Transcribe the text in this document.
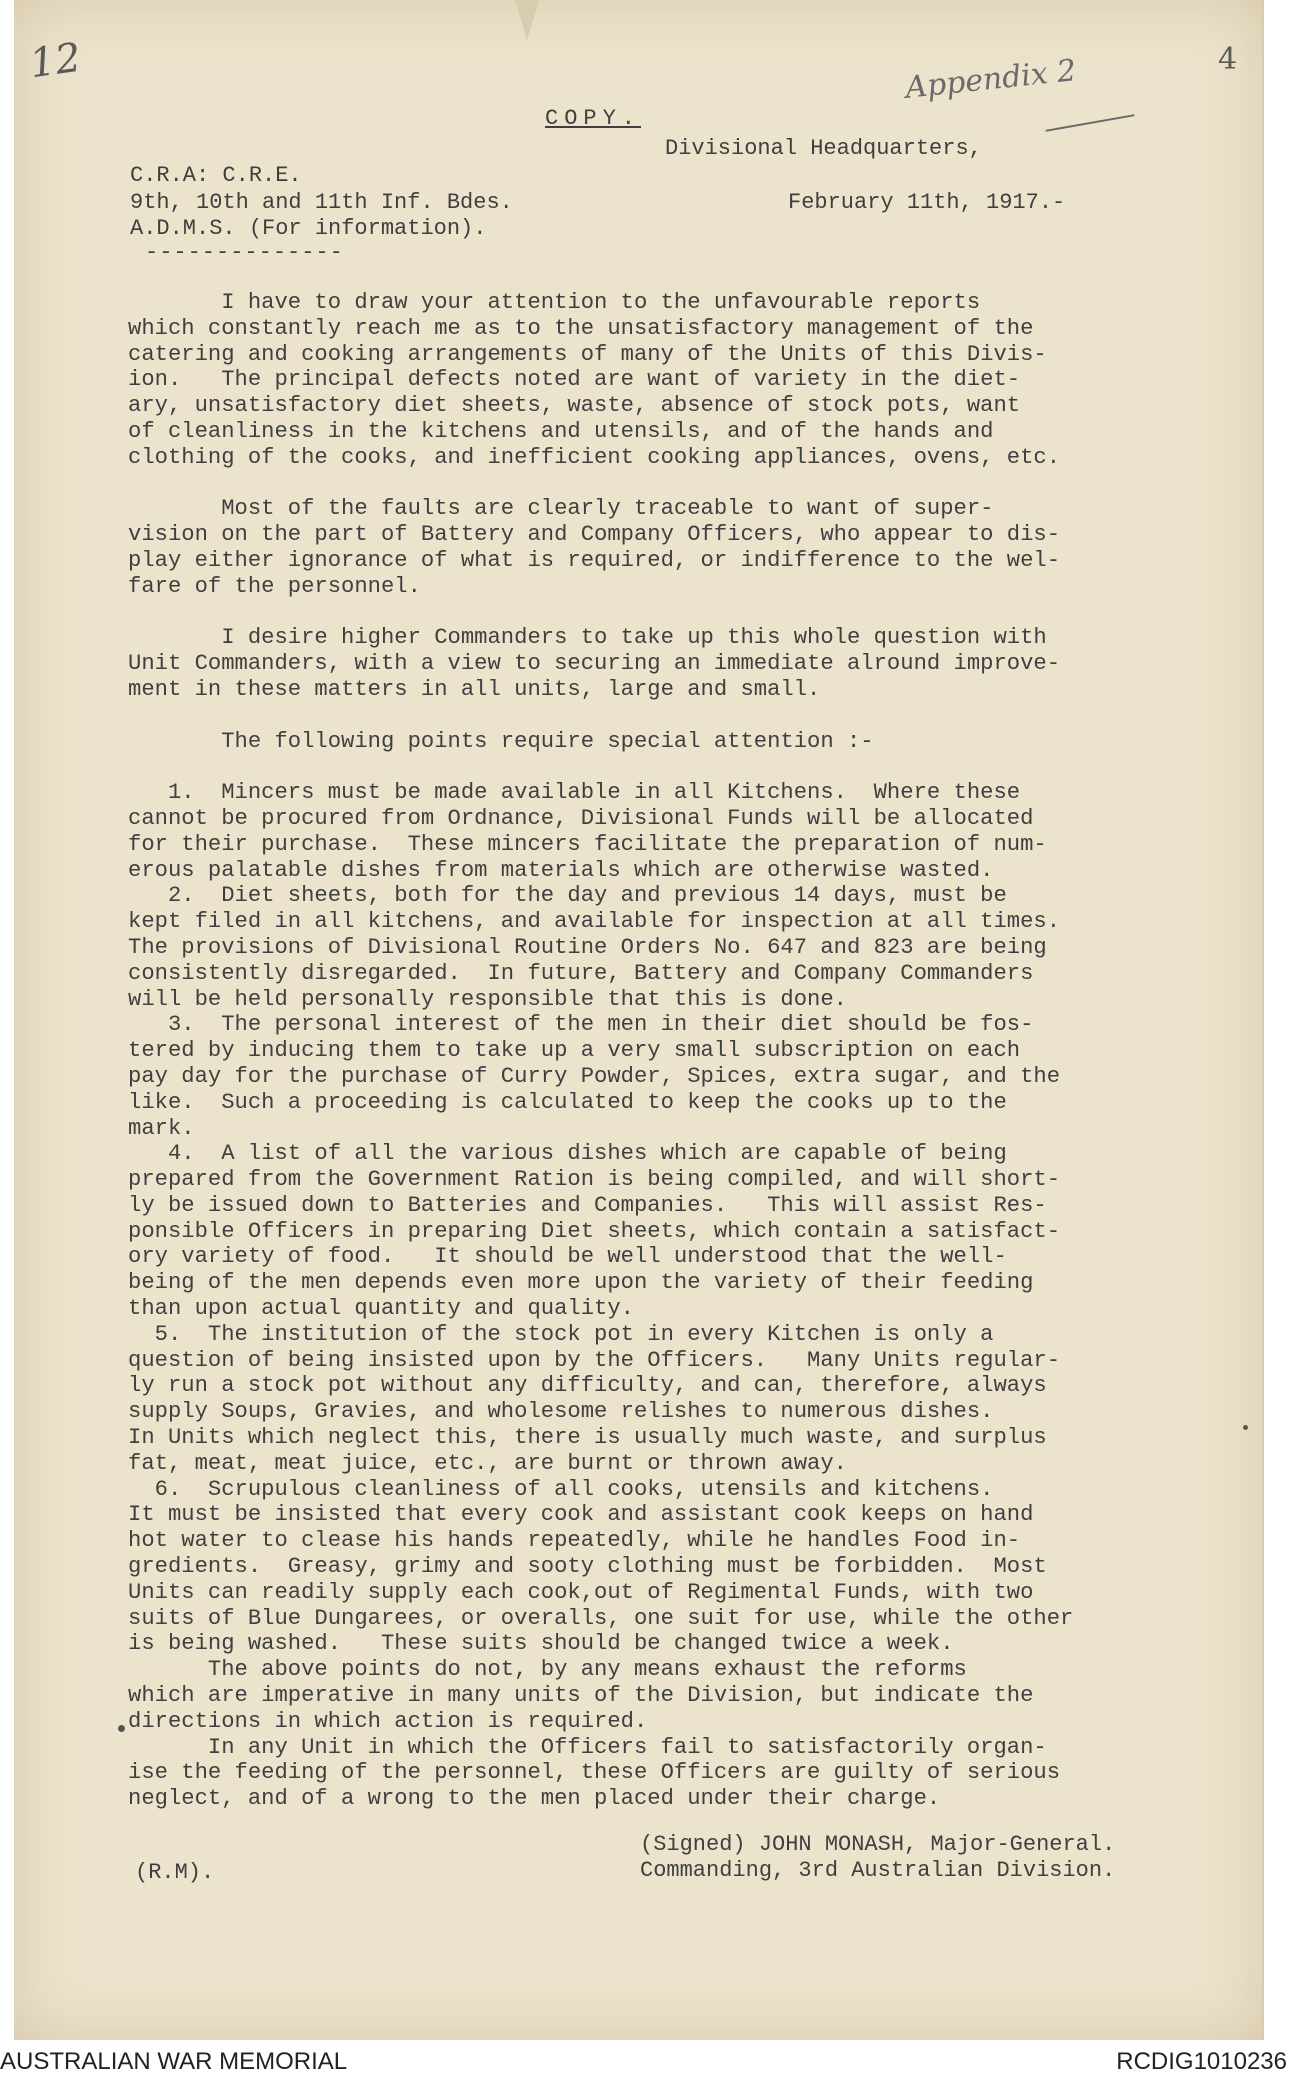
12	4
Appendix 2
COPY.
Divisional Headquarters,
C.R.A: C.R.E.
9th, 10th and 11th Inf. Bdes.	February 11th, 1917.-
A.D.M.S. (For information).
--------------
I have to draw your attention to the unfavourable reports
which constantly reach me as to the unsatisfactory management of the
catering and cooking arrangements of many of the Units of this Divis-
ion.   The principal defects noted are want of variety in the diet-
ary, unsatisfactory diet sheets, waste, absence of stock pots, want
of cleanliness in the kitchens and utensils, and of the hands and
clothing of the cooks, and inefficient cooking appliances, ovens, etc.

Most of the faults are clearly traceable to want of super-
vision on the part of Battery and Company Officers, who appear to dis-
play either ignorance of what is required, or indifference to the wel-
fare of the personnel.

I desire higher Commanders to take up this whole question with
Unit Commanders, with a view to securing an immediate alround improve-
ment in these matters in all units, large and small.

The following points require special attention :-

1.  Mincers must be made available in all Kitchens.  Where these
cannot be procured from Ordnance, Divisional Funds will be allocated
for their purchase.  These mincers facilitate the preparation of num-
erous palatable dishes from materials which are otherwise wasted.
2.  Diet sheets, both for the day and previous 14 days, must be
kept filed in all kitchens, and available for inspection at all times.
The provisions of Divisional Routine Orders No. 647 and 823 are being
consistently disregarded.  In future, Battery and Company Commanders
will be held personally responsible that this is done.
3.  The personal interest of the men in their diet should be fos-
tered by inducing them to take up a very small subscription on each
pay day for the purchase of Curry Powder, Spices, extra sugar, and the
like.  Such a proceeding is calculated to keep the cooks up to the
mark.
4.  A list of all the various dishes which are capable of being
prepared from the Government Ration is being compiled, and will short-
ly be issued down to Batteries and Companies.   This will assist Res-
ponsible Officers in preparing Diet sheets, which contain a satisfact-
ory variety of food.   It should be well understood that the well-
being of the men depends even more upon the variety of their feeding
than upon actual quantity and quality.
5.  The institution of the stock pot in every Kitchen is only a
question of being insisted upon by the Officers.   Many Units regular-
ly run a stock pot without any difficulty, and can, therefore, always
supply Soups, Gravies, and wholesome relishes to numerous dishes.
In Units which neglect this, there is usually much waste, and surplus
fat, meat, meat juice, etc., are burnt or thrown away.
6.  Scrupulous cleanliness of all cooks, utensils and kitchens.
It must be insisted that every cook and assistant cook keeps on hand
hot water to clease his hands repeatedly, while he handles Food in-
gredients.  Greasy, grimy and sooty clothing must be forbidden.  Most
Units can readily supply each cook,out of Regimental Funds, with two
suits of Blue Dungarees, or overalls, one suit for use, while the other
is being washed.   These suits should be changed twice a week.
The above points do not, by any means exhaust the reforms
which are imperative in many units of the Division, but indicate the
directions in which action is required.
In any Unit in which the Officers fail to satisfactorily organ-
ise the feeding of the personnel, these Officers are guilty of serious
neglect, and of a wrong to the men placed under their charge.
(Signed) JOHN MONASH, Major-General.
(R.M).	Commanding, 3rd Australian Division.
AUSTRALIAN WAR MEMORIAL	RCDIG1010236
